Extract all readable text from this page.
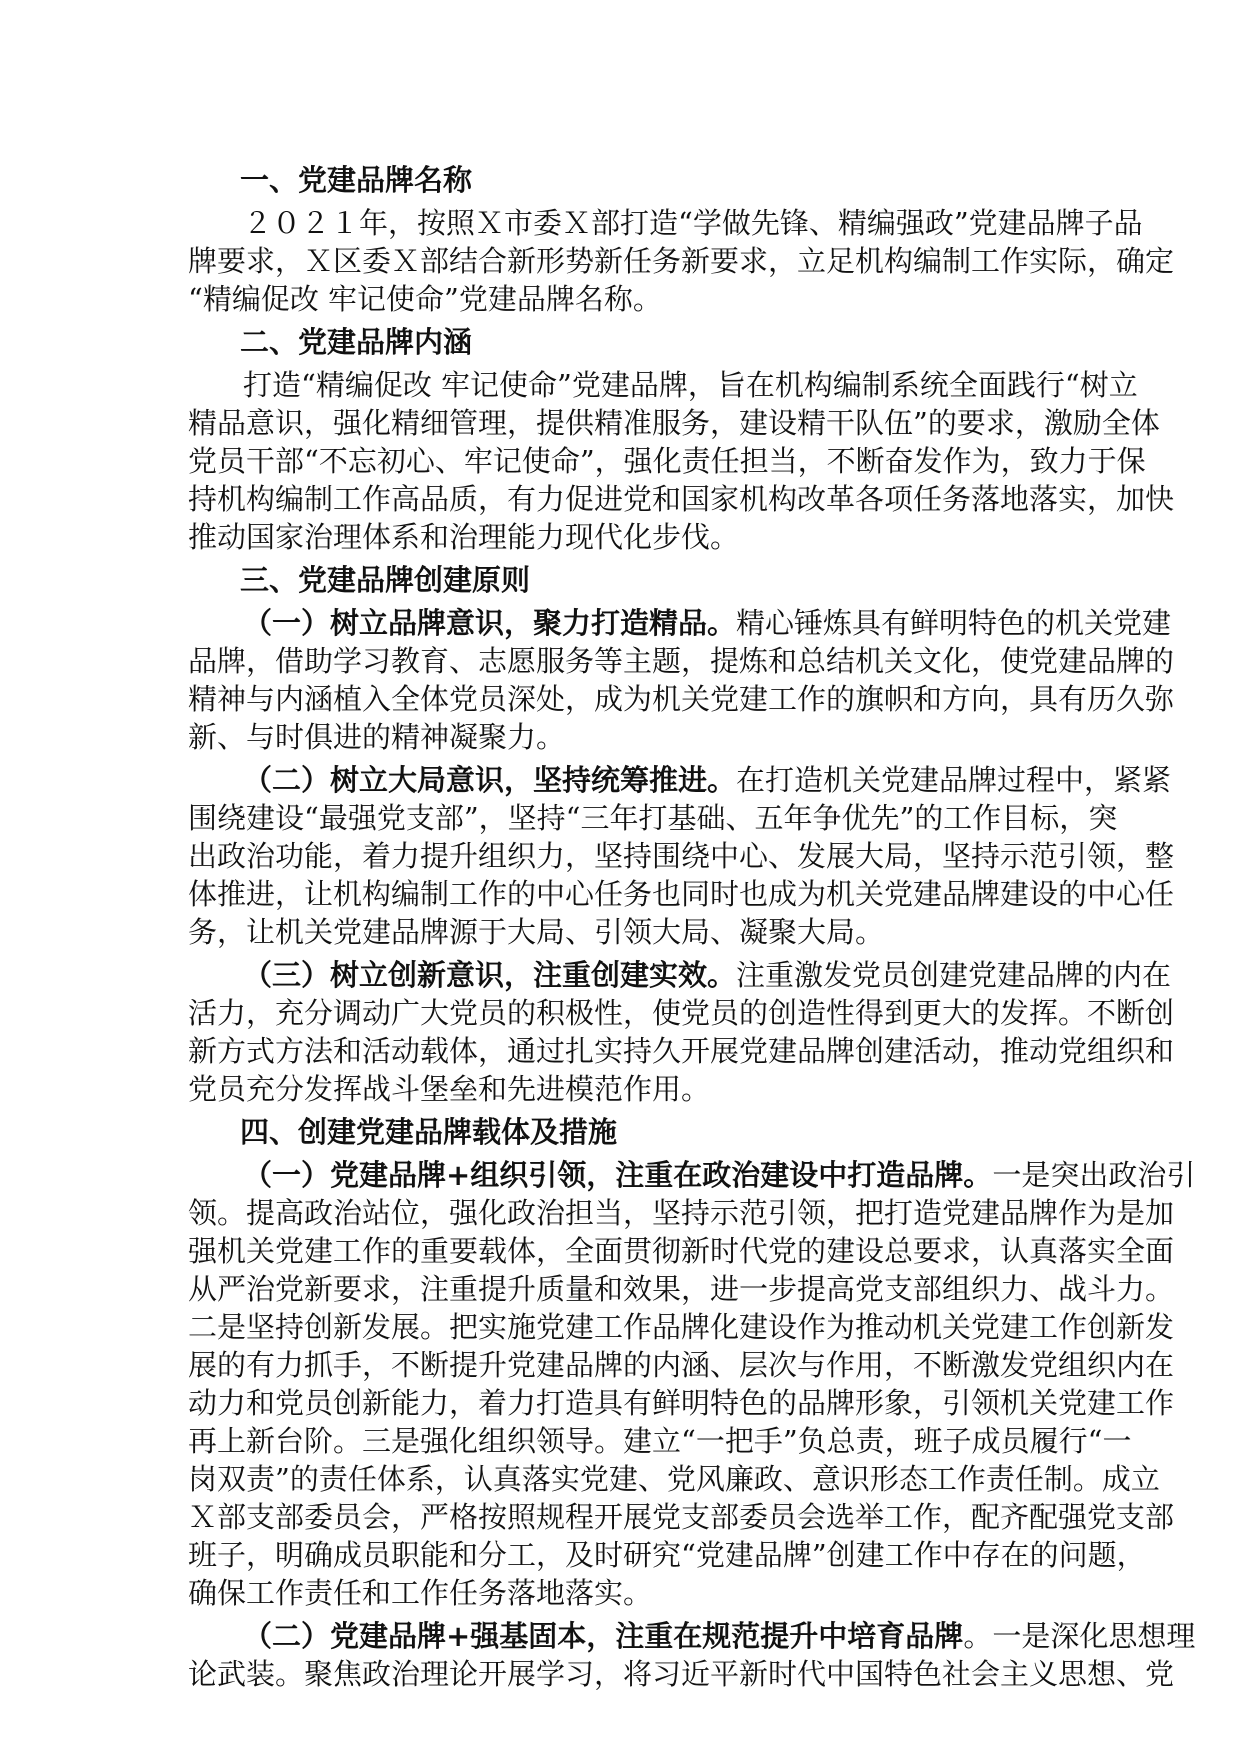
一、党建品牌名称
２０２１年，按照Ｘ市委Ｘ部打造“学做先锋、精编强政”党建品牌子品
牌要求，Ｘ区委Ｘ部结合新形势新任务新要求，立足机构编制工作实际，确定
“精编促改 牢记使命”党建品牌名称。
二、党建品牌内涵
打造“精编促改 牢记使命”党建品牌，旨在机构编制系统全面践行“树立
精品意识，强化精细管理，提供精准服务，建设精干队伍”的要求，激励全体
党员干部“不忘初心、牢记使命”，强化责任担当，不断奋发作为，致力于保
持机构编制工作高品质，有力促进党和国家机构改革各项任务落地落实，加快
推动国家治理体系和治理能力现代化步伐。
三、党建品牌创建原则
（一）树立品牌意识，聚力打造精品。精心锤炼具有鲜明特色的机关党建
品牌，借助学习教育、志愿服务等主题，提炼和总结机关文化，使党建品牌的
精神与内涵植入全体党员深处，成为机关党建工作的旗帜和方向，具有历久弥
新、与时俱进的精神凝聚力。
（二）树立大局意识，坚持统筹推进。在打造机关党建品牌过程中，紧紧
围绕建设“最强党支部”，坚持“三年打基础、五年争优先”的工作目标，突
出政治功能，着力提升组织力，坚持围绕中心、发展大局，坚持示范引领，整
体推进，让机构编制工作的中心任务也同时也成为机关党建品牌建设的中心任
务，让机关党建品牌源于大局、引领大局、凝聚大局。
（三）树立创新意识，注重创建实效。注重激发党员创建党建品牌的内在
活力，充分调动广大党员的积极性，使党员的创造性得到更大的发挥。不断创
新方式方法和活动载体，通过扎实持久开展党建品牌创建活动，推动党组织和
党员充分发挥战斗堡垒和先进模范作用。
四、创建党建品牌载体及措施
（一）党建品牌+组织引领，注重在政治建设中打造品牌。一是突出政治引
领。提高政治站位，强化政治担当，坚持示范引领，把打造党建品牌作为是加
强机关党建工作的重要载体，全面贯彻新时代党的建设总要求，认真落实全面
从严治党新要求，注重提升质量和效果，进一步提高党支部组织力、战斗力。
二是坚持创新发展。把实施党建工作品牌化建设作为推动机关党建工作创新发
展的有力抓手，不断提升党建品牌的内涵、层次与作用，不断激发党组织内在
动力和党员创新能力，着力打造具有鲜明特色的品牌形象，引领机关党建工作
再上新台阶。三是强化组织领导。建立“一把手”负总责，班子成员履行“一
岗双责”的责任体系，认真落实党建、党风廉政、意识形态工作责任制。成立
Ｘ部支部委员会，严格按照规程开展党支部委员会选举工作，配齐配强党支部
班子，明确成员职能和分工，及时研究“党建品牌”创建工作中存在的问题，
确保工作责任和工作任务落地落实。
（二）党建品牌+强基固本，注重在规范提升中培育品牌。一是深化思想理
论武装。聚焦政治理论开展学习，将习近平新时代中国特色社会主义思想、党
